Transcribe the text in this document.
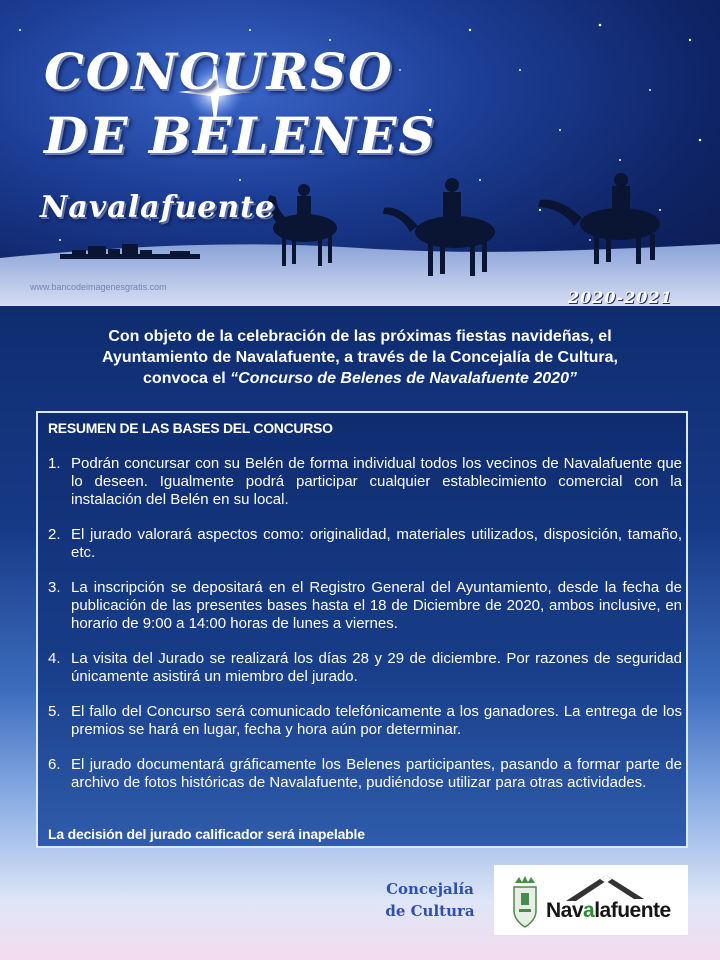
CONCURSO DE BELENES
Navalafuente
www.bancodeimagenesgratis.com
2020-2021

Con objeto de la celebración de las próximas fiestas navideñas, el
Ayuntamiento de Navalafuente, a través de la Concejalía de Cultura,
convoca el “Concurso de Belenes de Navalafuente 2020”

RESUMEN DE LAS BASES DEL CONCURSO
1. Podrán concursar con su Belén de forma individual todos los vecinos de Navalafuente que lo deseen. Igualmente podrá participar cualquier establecimiento comercial con la instalación del Belén en su local.
2. El jurado valorará aspectos como: originalidad, materiales utilizados, disposición, tamaño, etc.
3. La inscripción se depositará en el Registro General del Ayuntamiento, desde la fecha de publicación de las presentes bases hasta el 18 de Diciembre de 2020, ambos inclusive, en horario de 9:00 a 14:00 horas de lunes a viernes.
4. La visita del Jurado se realizará los días 28 y 29 de diciembre. Por razones de seguridad únicamente asistirá un miembro del jurado.
5. El fallo del Concurso será comunicado telefónicamente a los ganadores. La entrega de los premios se hará en lugar, fecha y hora aún por determinar.
6. El jurado documentará gráficamente los Belenes participantes, pasando a formar parte de archivo de fotos históricas de Navalafuente, pudiéndose utilizar para otras actividades.
La decisión del jurado calificador será inapelable
Concejalía
de Cultura	Navalafuente
